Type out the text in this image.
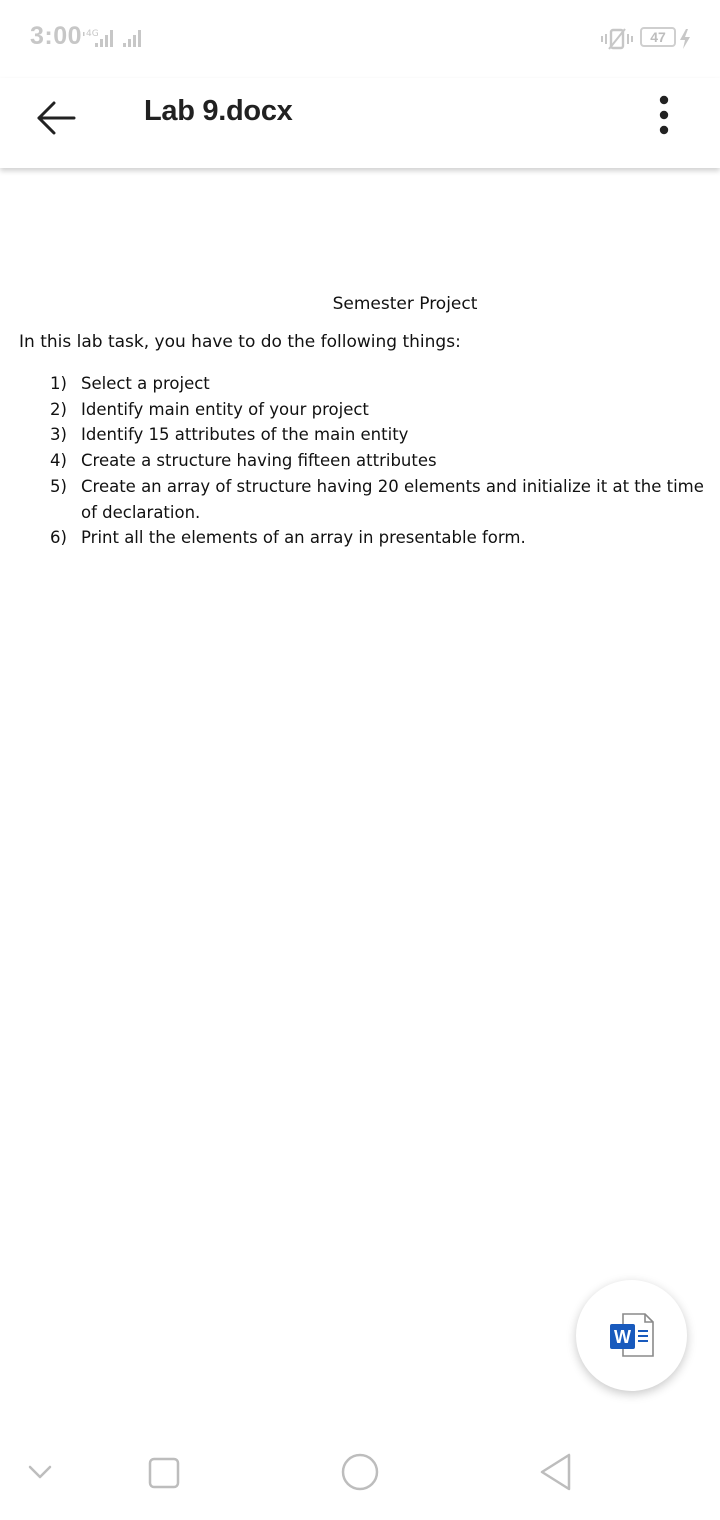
3:00 4G	47
Lab 9.docx
Semester Project
In this lab task, you have to do the following things:
1) Select a project
2) Identify main entity of your project
3) Identify 15 attributes of the main entity
4) Create a structure having fifteen attributes
5) Create an array of structure having 20 elements and initialize it at the time of declaration.
6) Print all the elements of an array in presentable form.
W
